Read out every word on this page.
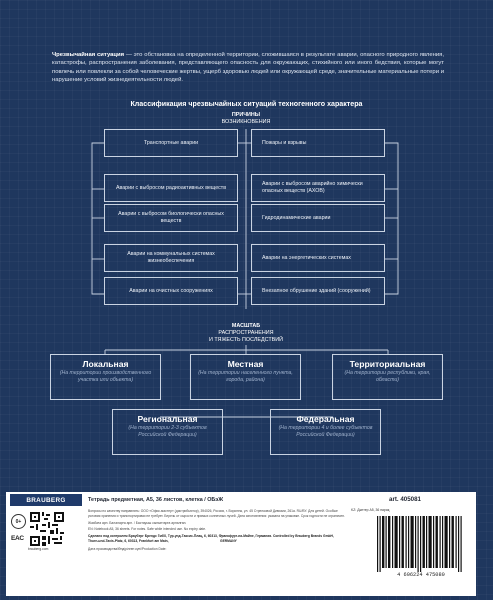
Чрезвычайная ситуация — это обстановка на определенной территории, сложившаяся в результате аварии, опасного природного явления, катастрофы, распространения заболевания, представляющего опасность для окружающих, стихийного или иного бедствия, которые могут повлечь или повлекли за собой человеческие жертвы, ущерб здоровью людей или окружающей среде, значительные материальные потери и нарушение условий жизнедеятельности людей.
Классификация чрезвычайных ситуаций техногенного характера
ПРИЧИНЫ
ВОЗНИКНОВЕНИЯ
Транспортные аварии
Аварии с выбросом радиоактивных веществ
Аварии с выбросом биологически опасных веществ
Аварии на коммунальных системах жизнеобеспечения
Аварии на очистных сооружениях
Пожары и взрывы
Аварии с выбросом аварийно химически опасных веществ (АХОВ)
Гидродинамические аварии
Аварии на энергетических системах
Внезапное обрушение зданий (сооружений)
МАСШТАБ
РАСПРОСТРАНЕНИЯ
И ТЯЖЕСТЬ ПОСЛЕДСТВИЙ
Локальная
(На территории производственного участка или объекта)
Местная
(На территории населенного пункта, города, района)
Территориальная
(На территории республики, края, области)
Региональная
(На территории 2-3 субъектов Российской Федерации)
Федеральная
(На территории 4 и более субъектов Российской Федерации)
BRAUBERG	Тетрадь предметная, А5, 36 листов, клетка / ОБэЖ	art. 405081
KZ: Дәптер А5, 36 парақ.
0+
EAC
brauberg.com
Вопросы по качеству направлять: ООО «Офис-мастер» (дистрибьютор), 394026, Россия, г. Воронеж, ул. 45 Стрелковой Дивизии, 261а. RU/BY. Для детей. Особые
условия хранения и транспортировки не требует. Беречь от сырости и прямых солнечных лучей. Дата изготовления: указана на упаковке. Срок годности не ограничен.
Жазбаға арн. Балаларға арн. / Бастауыш сыныптарға арналған.
EN: Notebook A5, 36 sheets. For notes. Safe while intended use. No expiry date.
Сделано под контролем Брауберг Брендс ГмбХ, Тур-унд-Таксис-Плац, 6, 60313, Франкфурт-на-Майне, Германия. Controlled by Brauberg Brands GmbH,
Thurn-und-Taxis-Platz, 6, 60313, Frankfurt am Main,	GERMANY
Дата производства/Өндірілген күні/Production Date:
4 606224 475080
